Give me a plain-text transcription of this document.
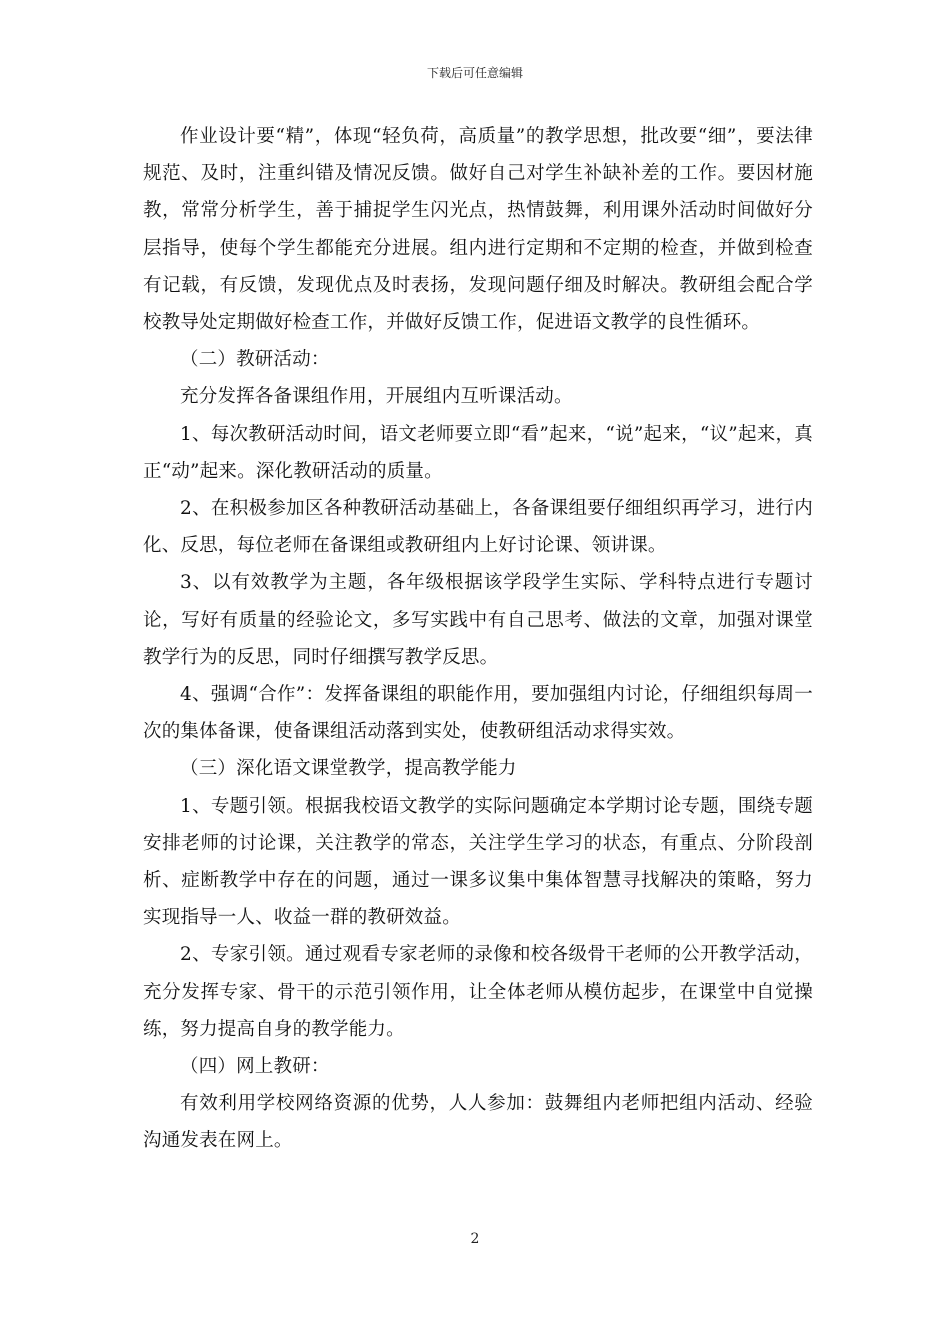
下载后可任意编辑

作业设计要“精”，体现“轻负荷，高质量”的教学思想，批改要“细”，要法律规范、及时，注重纠错及情况反馈。做好自己对学生补缺补差的工作。要因材施教，常常分析学生，善于捕捉学生闪光点，热情鼓舞，利用课外活动时间做好分层指导，使每个学生都能充分进展。组内进行定期和不定期的检查，并做到检查有记载，有反馈，发现优点及时表扬，发现问题仔细及时解决。教研组会配合学校教导处定期做好检查工作，并做好反馈工作，促进语文教学的良性循环。

（二）教研活动：

充分发挥各备课组作用，开展组内互听课活动。

1、每次教研活动时间，语文老师要立即“看”起来，“说”起来，“议”起来，真正“动”起来。深化教研活动的质量。

2、在积极参加区各种教研活动基础上，各备课组要仔细组织再学习，进行内化、反思，每位老师在备课组或教研组内上好讨论课、领讲课。

3、以有效教学为主题，各年级根据该学段学生实际、学科特点进行专题讨论，写好有质量的经验论文，多写实践中有自己思考、做法的文章，加强对课堂教学行为的反思，同时仔细撰写教学反思。

4、强调“合作”：发挥备课组的职能作用，要加强组内讨论，仔细组织每周一次的集体备课，使备课组活动落到实处，使教研组活动求得实效。

（三）深化语文课堂教学，提高教学能力

1、专题引领。根据我校语文教学的实际问题确定本学期讨论专题，围绕专题安排老师的讨论课，关注教学的常态，关注学生学习的状态，有重点、分阶段剖析、症断教学中存在的问题，通过一课多议集中集体智慧寻找解决的策略，努力实现指导一人、收益一群的教研效益。

2、专家引领。通过观看专家老师的录像和校各级骨干老师的公开教学活动，充分发挥专家、骨干的示范引领作用，让全体老师从模仿起步，在课堂中自觉操练，努力提高自身的教学能力。

（四）网上教研：

有效利用学校网络资源的优势，人人参加：鼓舞组内老师把组内活动、经验沟通发表在网上。

2
